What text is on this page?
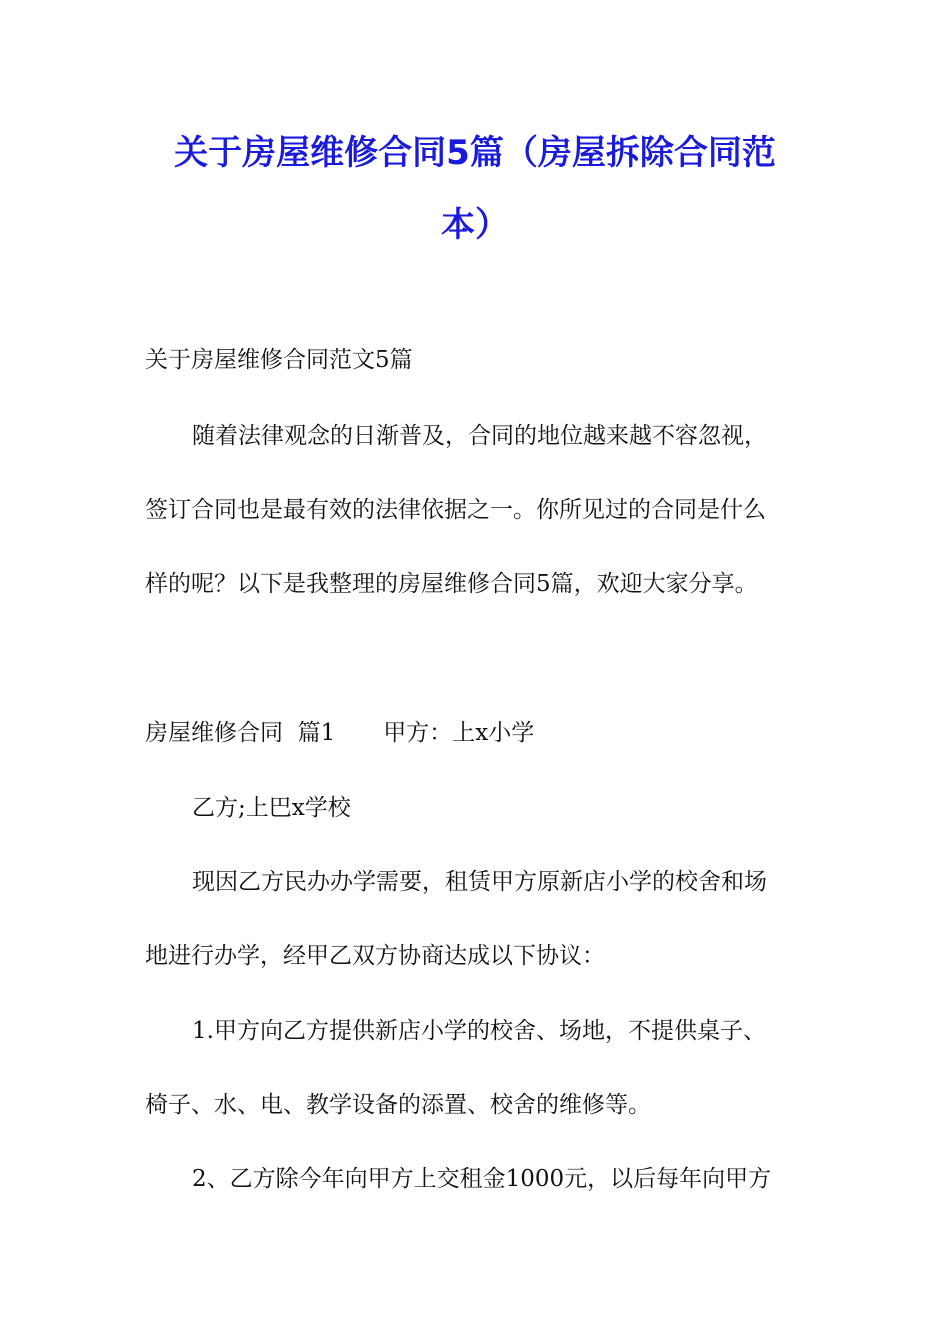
关于房屋维修合同5篇（房屋拆除合同范
本）

关于房屋维修合同范文5篇

随着法律观念的日渐普及，合同的地位越来越不容忽视，

签订合同也是最有效的法律依据之一。你所见过的合同是什么

样的呢？以下是我整理的房屋维修合同5篇，欢迎大家分享。

房屋维修合同  篇1 甲方：上x小学

乙方;上巴x学校

现因乙方民办办学需要，租赁甲方原新店小学的校舍和场

地进行办学，经甲乙双方协商达成以下协议：

1.甲方向乙方提供新店小学的校舍、场地，不提供桌子、

椅子、水、电、教学设备的添置、校舍的维修等。

2、乙方除今年向甲方上交租金1000元，以后每年向甲方
